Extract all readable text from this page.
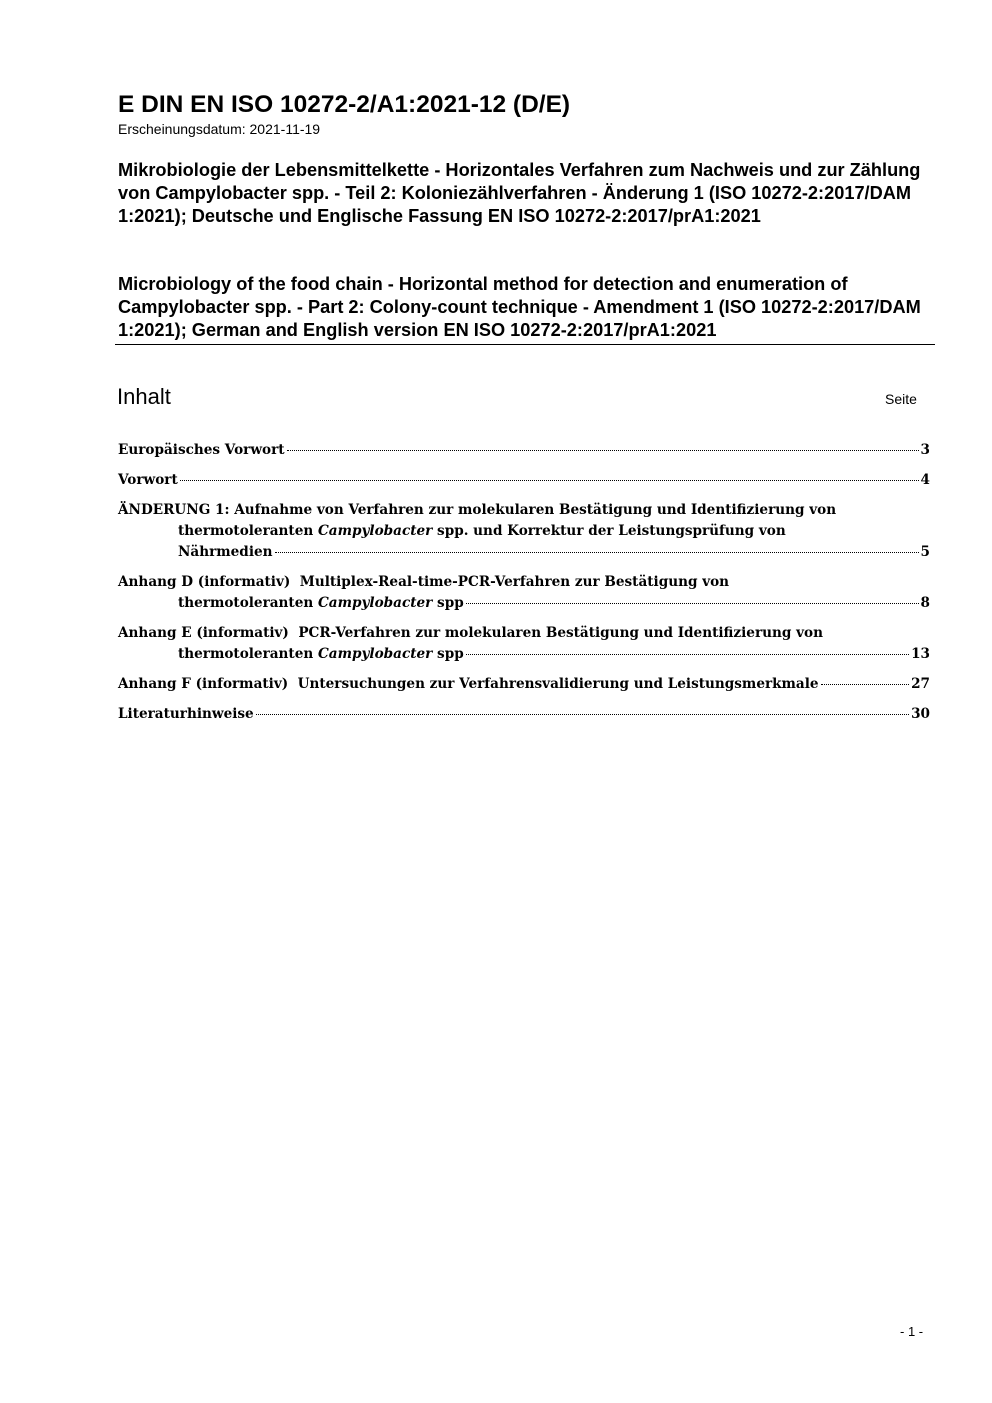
E DIN EN ISO 10272-2/A1:2021-12 (D/E)
Erscheinungsdatum: 2021-11-19
Mikrobiologie der Lebensmittelkette - Horizontales Verfahren zum Nachweis und zur Zählung von Campylobacter spp. - Teil 2: Koloniezählverfahren - Änderung 1 (ISO 10272-2:2017/DAM 1:2021); Deutsche und Englische Fassung EN ISO 10272-2:2017/prA1:2021
Microbiology of the food chain - Horizontal method for detection and enumeration of Campylobacter spp. - Part 2: Colony-count technique - Amendment 1 (ISO 10272-2:2017/DAM 1:2021); German and English version EN ISO 10272-2:2017/prA1:2021
Inhalt	Seite
Europäisches Vorwort	3
Vorwort	4
ÄNDERUNG 1: Aufnahme von Verfahren zur molekularen Bestätigung und Identifizierung von
thermotoleranten Campylobacter spp. und Korrektur der Leistungsprüfung von
Nährmedien	5
Anhang D (informativ) Multiplex-Real-time-PCR-Verfahren zur Bestätigung von
thermotoleranten Campylobacter spp	8
Anhang E (informativ) PCR-Verfahren zur molekularen Bestätigung und Identifizierung von
thermotoleranten Campylobacter spp	13
Anhang F (informativ) Untersuchungen zur Verfahrensvalidierung und Leistungsmerkmale	27
Literaturhinweise	30
- 1 -
